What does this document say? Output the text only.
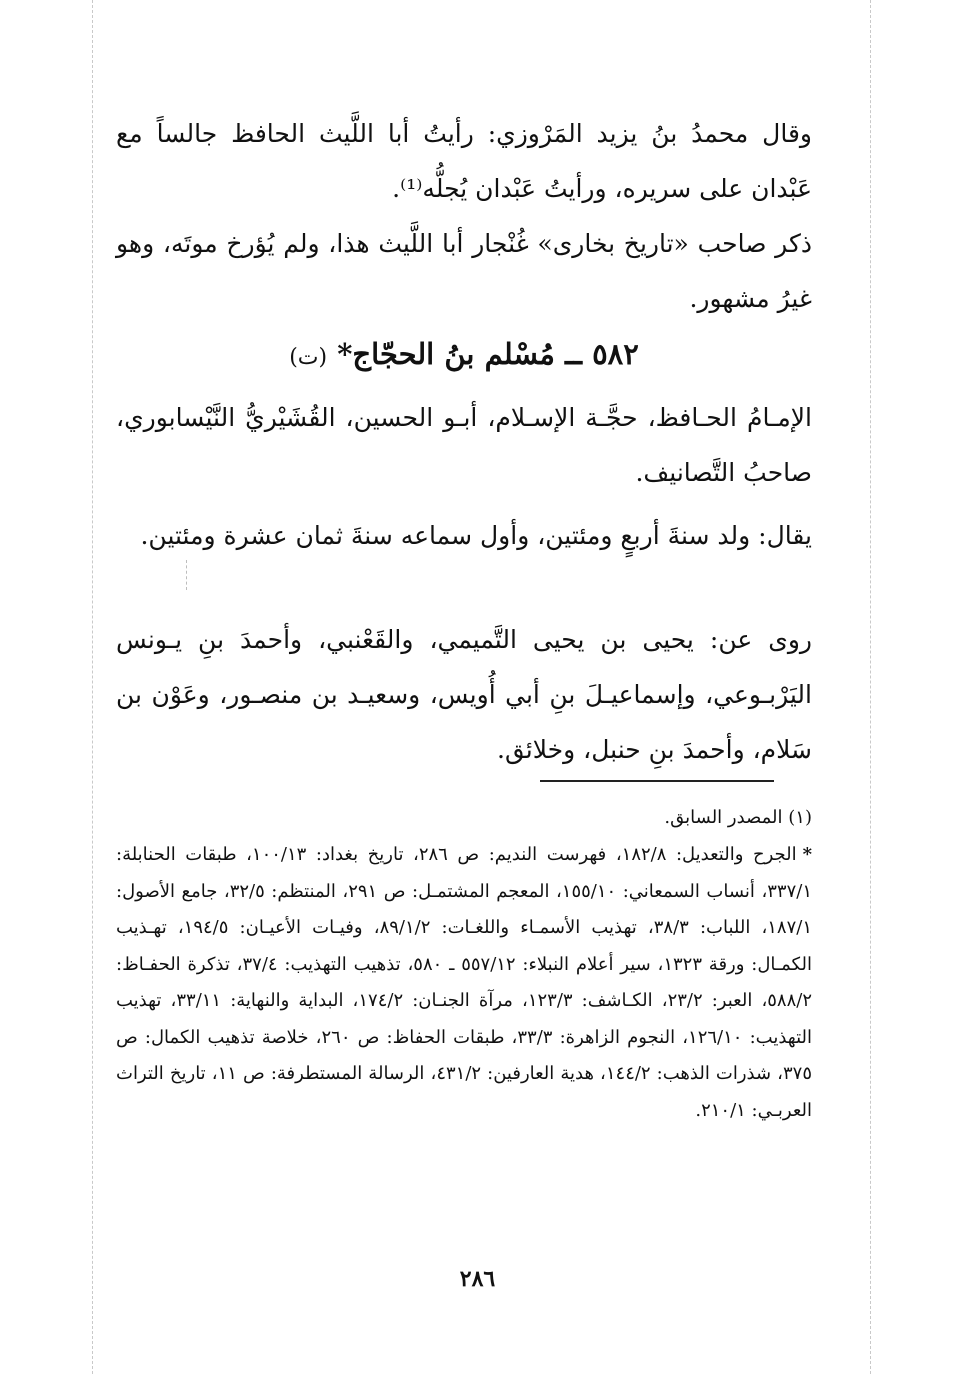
وقال محمدُ بنُ يزيد المَرْوزي: رأيتُ أبا اللَّيث الحافظ جالساً مع عَبْدان على سريره، ورأيتُ عَبْدان يُجلُّه⁽¹⁾.

ذكر صاحب «تاريخ بخارى» غُنْجار أبا اللَّيث هذا، ولم يُؤرخ موتَه، وهو غيرُ مشهور.

٥٨٢ ــ مُسْلم بنُ الحجّاج* (ت)

الإمـامُ الحـافظ، حجَّـة الإسـلام، أبـو الحسين، القُشَيْريُّ النَّيْسابوري، صاحبُ التَّصانيف.

يقال: ولد سنةَ أربعٍ ومئتين، وأول سماعه سنةَ ثمان عشرة ومئتين.

روى عن: يحيى بن يحيى التَّميمي، والقَعْنبي، وأحمدَ بنِ يـونس اليَرْبـوعي، وإسماعيـلَ بنِ أبي أُويس، وسعيـد بن منصـور، وعَوْن بن سَلام، وأحمدَ بنِ حنبل، وخلائق.

(١) المصدر السابق.

*الجرح والتعديل: ١٨٢/٨، فهرست النديم: ص ٢٨٦، تاريخ بغداد: ١٠٠/١٣، طبقات الحنابلة: ٣٣٧/١، أنساب السمعاني: ١٥٥/١٠، المعجم المشتمـل: ص ٢٩١، المنتظم: ٣٢/٥، جامع الأصول: ١٨٧/١، اللباب: ٣٨/٣، تهذيب الأسمـاء واللغـات: ٨٩/١/٢، وفيـات الأعيـان: ١٩٤/٥، تهـذيب الكمـال: ورقة ١٣٢٣، سير أعلام النبلاء: ٥٥٧/١٢ ـ ٥٨٠، تذهيب التهذيب: ٣٧/٤، تذكرة الحفـاظ: ٥٨٨/٢، العبر: ٢٣/٢، الكـاشف: ١٢٣/٣، مرآة الجنـان: ١٧٤/٢، البداية والنهاية: ٣٣/١١، تهذيب التهذيب: ١٢٦/١٠، النجوم الزاهرة: ٣٣/٣، طبقات الحفاظ: ص ٢٦٠، خلاصة تذهيب الكمال: ص ٣٧٥، شذرات الذهب: ١٤٤/٢، هدية العارفين: ٤٣١/٢، الرسالة المستطرفة: ص ١١، تاريخ التراث العربـي: ٢١٠/١.

٢٨٦
